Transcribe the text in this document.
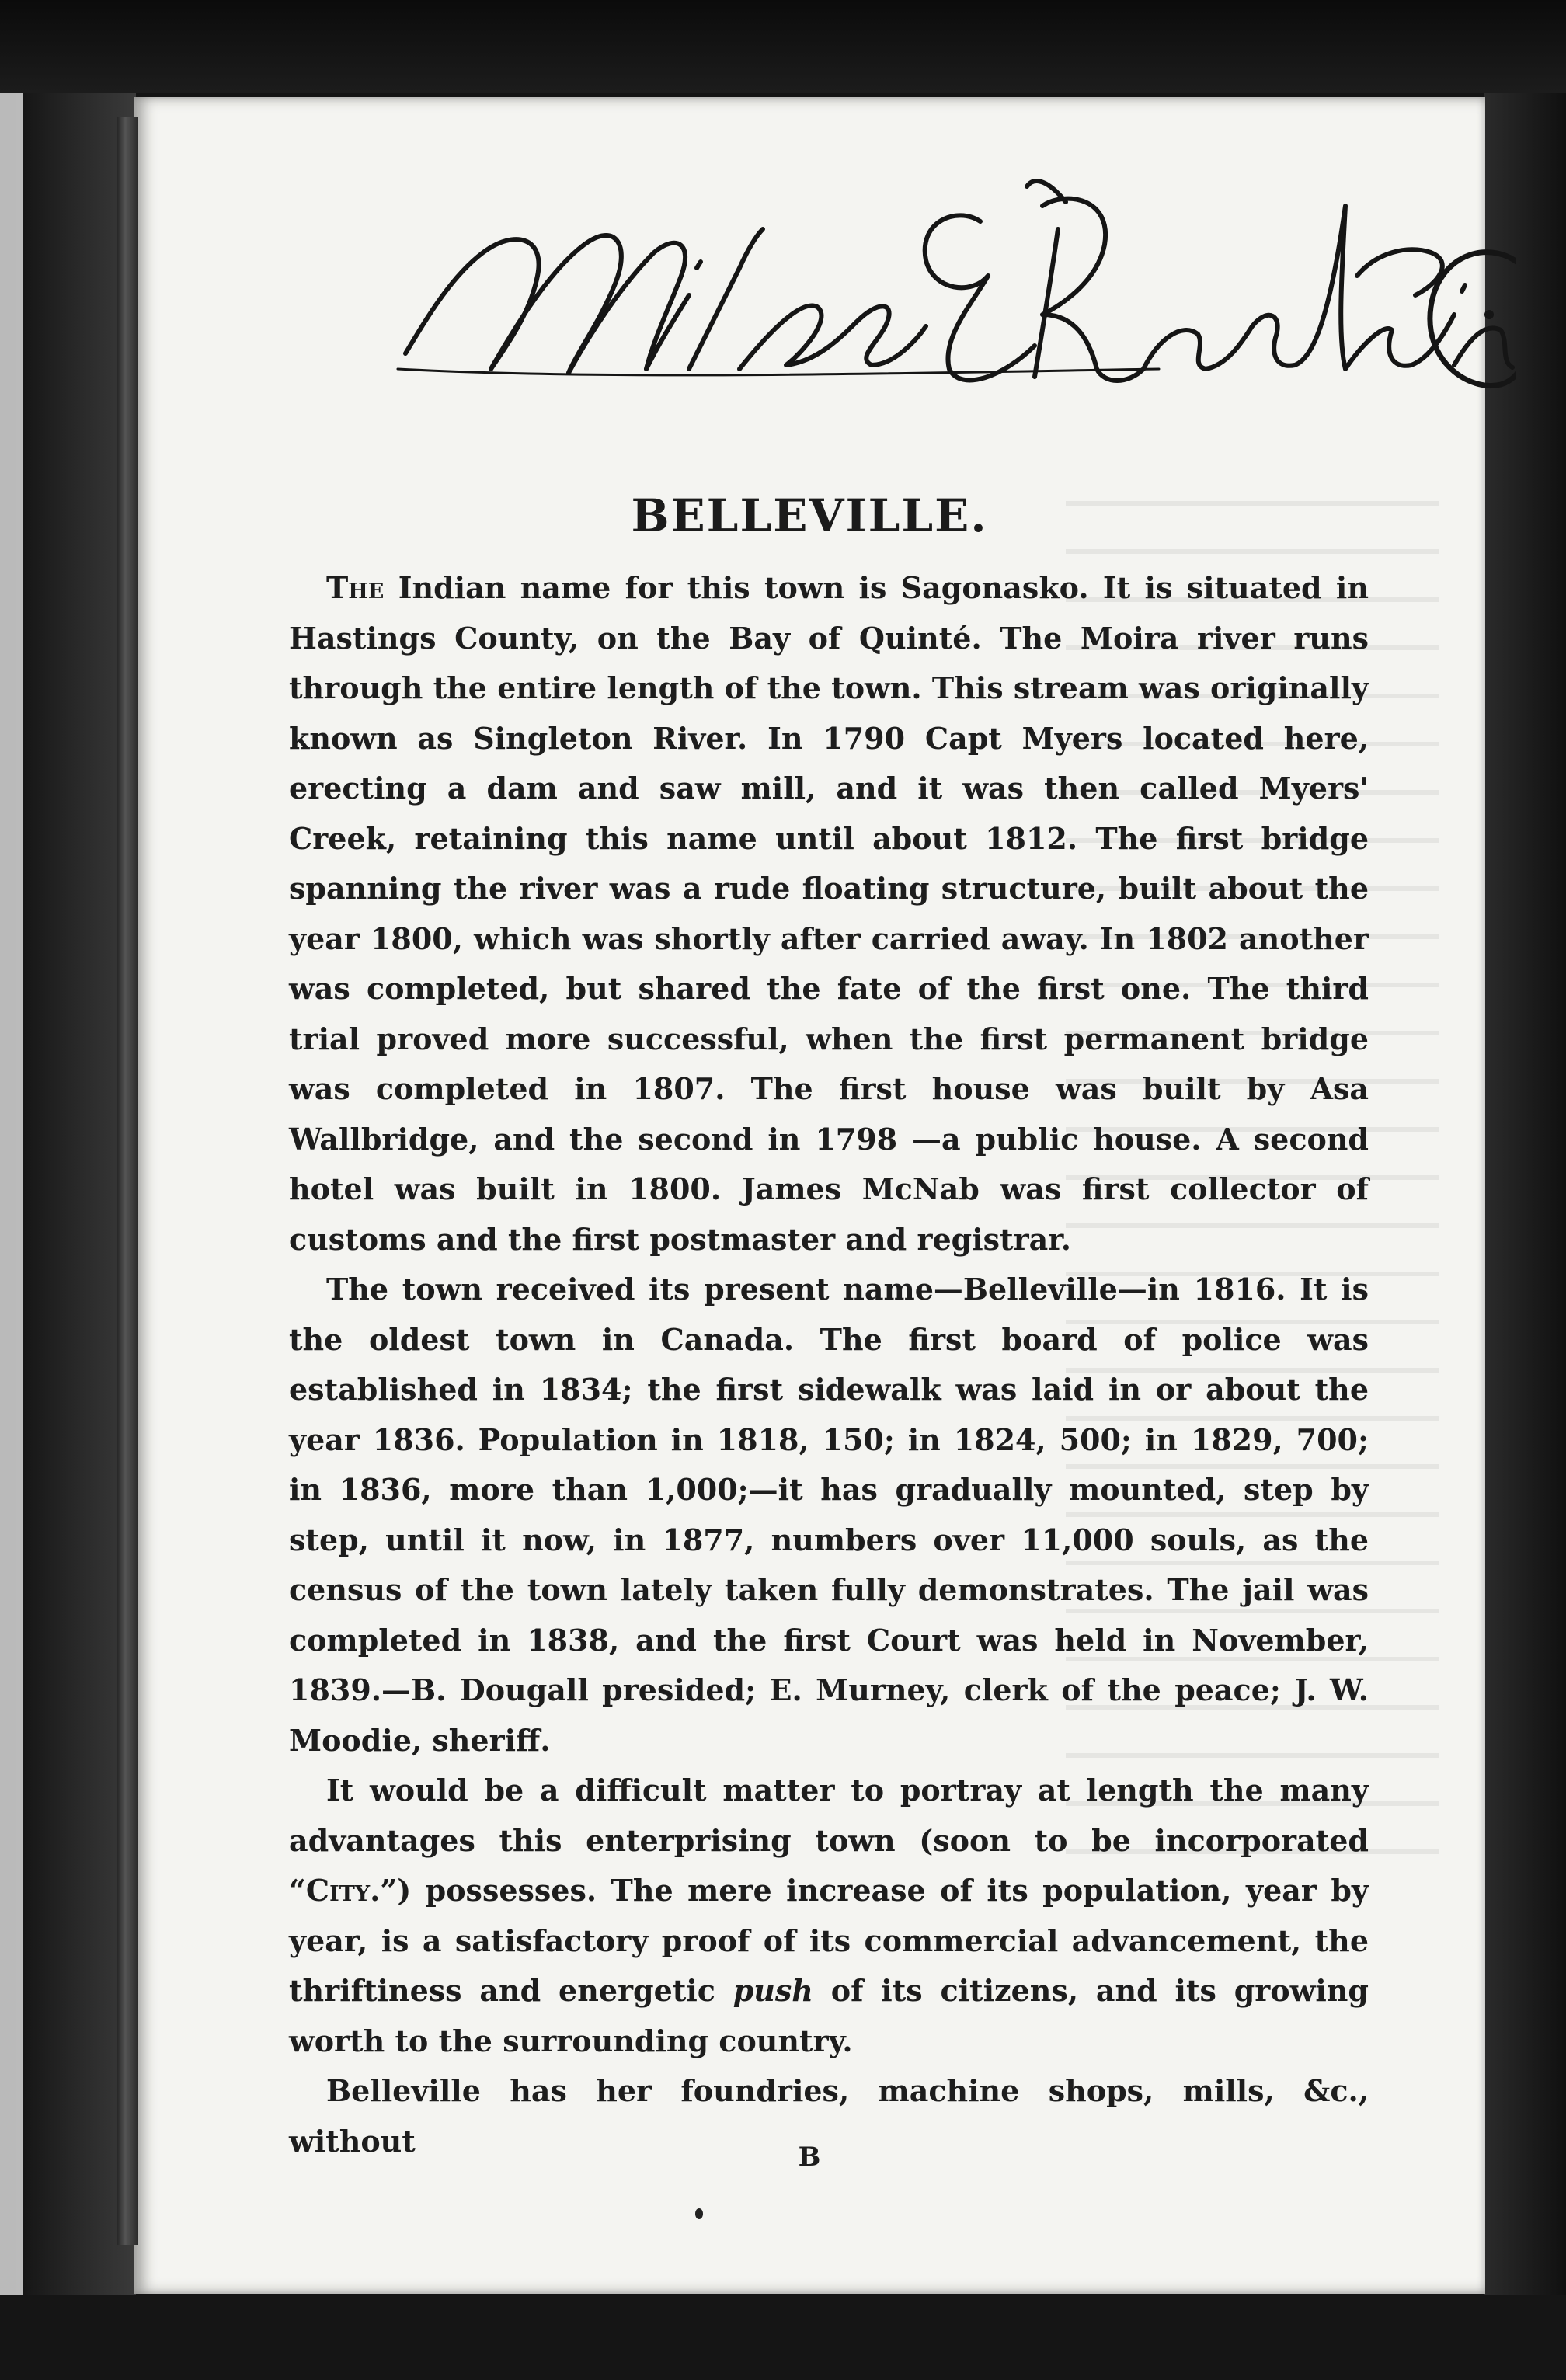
Miles E Rankin & Co.
BELLEVILLE.

The Indian name for this town is Sagonasko. It is situated in Hastings County, on the Bay of Quinté. The Moira river runs through the entire length of the town. This stream was originally known as Singleton River. In 1790 Capt Myers located here, erecting a dam and saw mill, and it was then called Myers' Creek, retaining this name until about 1812. The first bridge spanning the river was a rude floating structure, built about the year 1800, which was shortly after carried away. In 1802 another was completed, but shared the fate of the first one. The third trial proved more successful, when the first permanent bridge was completed in 1807. The first house was built by Asa Wallbridge, and the second in 1798 —a public house. A second hotel was built in 1800. James McNab was first collector of customs and the first postmaster and registrar.

The town received its present name—Belleville—in 1816. It is the oldest town in Canada. The first board of police was established in 1834; the first sidewalk was laid in or about the year 1836. Population in 1818, 150; in 1824, 500; in 1829, 700; in 1836, more than 1,000;—it has gradually mounted, step by step, until it now, in 1877, numbers over 11,000 souls, as the census of the town lately taken fully demonstrates. The jail was completed in 1838, and the first Court was held in November, 1839.—B. Dougall presided; E. Murney, clerk of the peace; J. W. Moodie, sheriff.

It would be a difficult matter to portray at length the many advantages this enterprising town (soon to be incorporated “City.”) possesses. The mere increase of its population, year by year, is a satisfactory proof of its commercial advancement, the thriftiness and energetic push of its citizens, and its growing worth to the surrounding country.

Belleville has her foundries, machine shops, mills, &c., without	B
